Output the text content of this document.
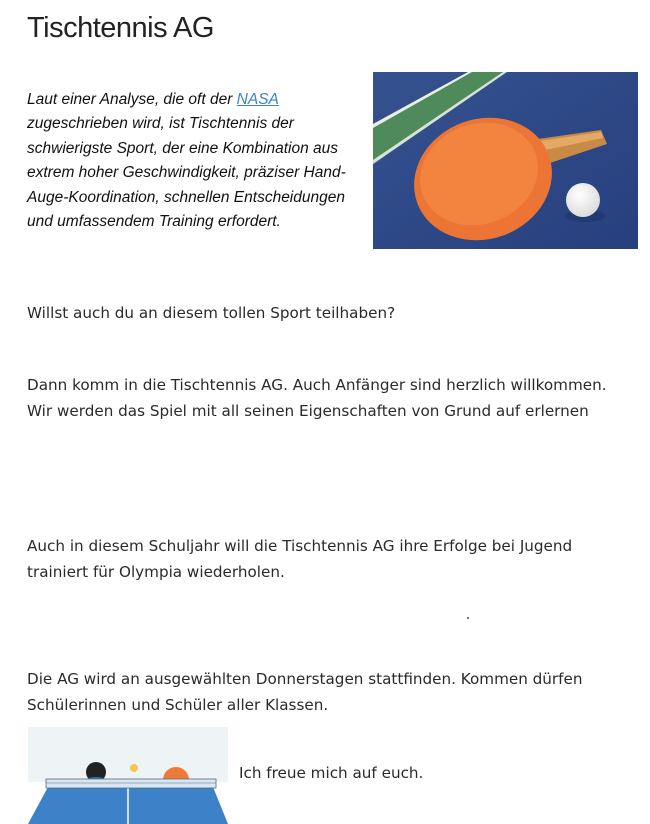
Tischtennis AG

Laut einer Analyse, die oft der NASA
zugeschrieben wird, ist Tischtennis der schwierigste Sport, der eine Kombination aus extrem hoher Geschwindigkeit, präziser Hand-Auge-Koordination, schnellen Entscheidungen und umfassendem Training erfordert.

Willst auch du an diesem tollen Sport teilhaben?

Dann komm in die Tischtennis AG. Auch Anfänger sind herzlich willkommen. Wir werden das Spiel mit all seinen Eigenschaften von Grund auf erlernen

Auch in diesem Schuljahr will die Tischtennis AG ihre Erfolge bei Jugend trainiert für Olympia wiederholen.

Die AG wird an ausgewählten Donnerstagen stattfinden. Kommen dürfen Schülerinnen und Schüler aller Klassen.

Ich freue mich auf euch.
